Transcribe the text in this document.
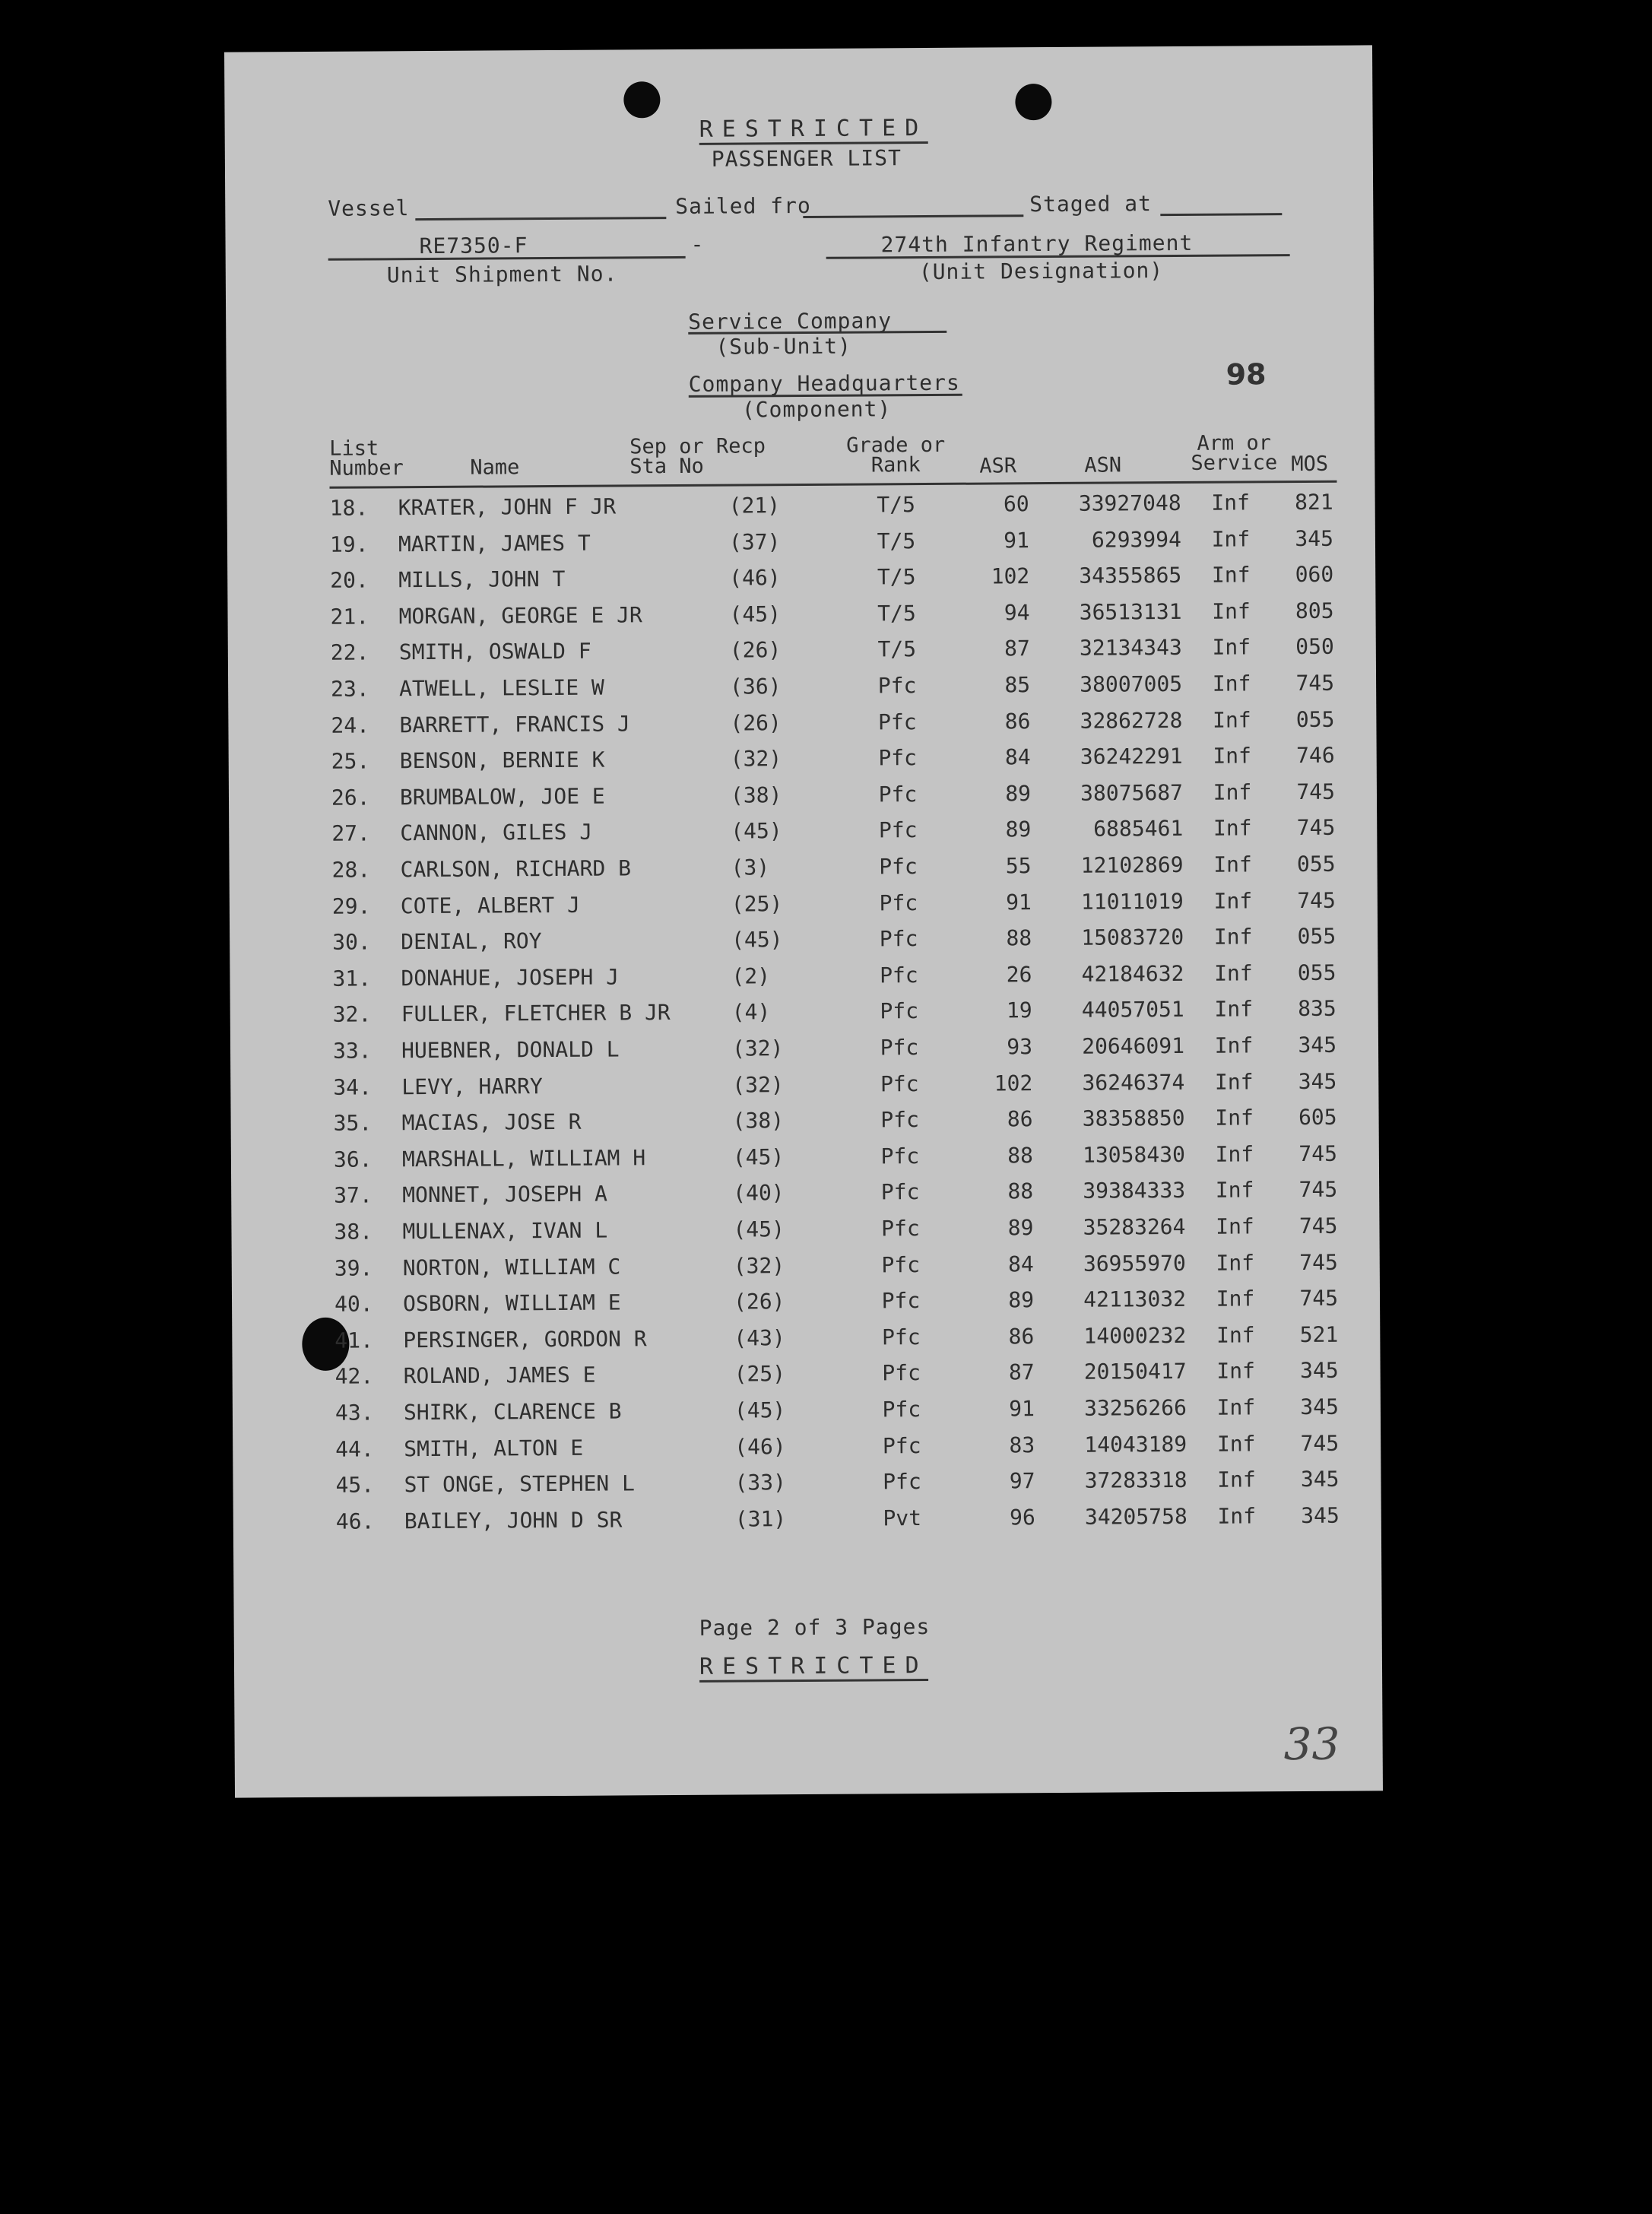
RESTRICTED
PASSENGER LIST
Vessel	Sailed fro	Staged at
RE7350-F	-
Unit Shipment No.
274th Infantry Regiment
(Unit Designation)
Service Company
(Sub-Unit)
Company Headquarters
(Component)
98
List Number	Name
Sep or Recp Sta No
Grade or Rank	ASR	ASN
Arm or Service MOS
18. KRATER, JOHN F JR	(21)	T/5	60	33927048	Inf	821
19. MARTIN, JAMES T	(37)	T/5	91	6293994	Inf	345
20. MILLS, JOHN T	(46)	T/5	102	34355865	Inf	060
21. MORGAN, GEORGE E JR	(45)	T/5	94	36513131	Inf	805
22. SMITH, OSWALD F	(26)	T/5	87	32134343	Inf	050
23. ATWELL, LESLIE W	(36)	Pfc	85	38007005	Inf	745
24. BARRETT, FRANCIS J	(26)	Pfc	86	32862728	Inf	055
25. BENSON, BERNIE K	(32)	Pfc	84	36242291	Inf	746
26. BRUMBALOW, JOE E	(38)	Pfc	89	38075687	Inf	745
27. CANNON, GILES J	(45)	Pfc	89	6885461	Inf	745
28. CARLSON, RICHARD B	(3)	Pfc	55	12102869	Inf	055
29. COTE, ALBERT J	(25)	Pfc	91	11011019	Inf	745
30. DENIAL, ROY	(45)	Pfc	88	15083720	Inf	055
31. DONAHUE, JOSEPH J	(2)	Pfc	26	42184632	Inf	055
32. FULLER, FLETCHER B JR	(4)	Pfc	19	44057051	Inf	835
33. HUEBNER, DONALD L	(32)	Pfc	93	20646091	Inf	345
34. LEVY, HARRY	(32)	Pfc	102	36246374	Inf	345
35. MACIAS, JOSE R	(38)	Pfc	86	38358850	Inf	605
36. MARSHALL, WILLIAM H	(45)	Pfc	88	13058430	Inf	745
37. MONNET, JOSEPH A	(40)	Pfc	88	39384333	Inf	745
38. MULLENAX, IVAN L	(45)	Pfc	89	35283264	Inf	745
39. NORTON, WILLIAM C	(32)	Pfc	84	36955970	Inf	745
40. OSBORN, WILLIAM E	(26)	Pfc	89	42113032	Inf	745
41. PERSINGER, GORDON R	(43)	Pfc	86	14000232	Inf	521
42. ROLAND, JAMES E	(25)	Pfc	87	20150417	Inf	345
43. SHIRK, CLARENCE B	(45)	Pfc	91	33256266	Inf	345
44. SMITH, ALTON E	(46)	Pfc	83	14043189	Inf	745
45. ST ONGE, STEPHEN L	(33)	Pfc	97	37283318	Inf	345
46. BAILEY, JOHN D SR	(31)	Pvt	96	34205758	Inf	345
Page 2 of 3 Pages
RESTRICTED
33
